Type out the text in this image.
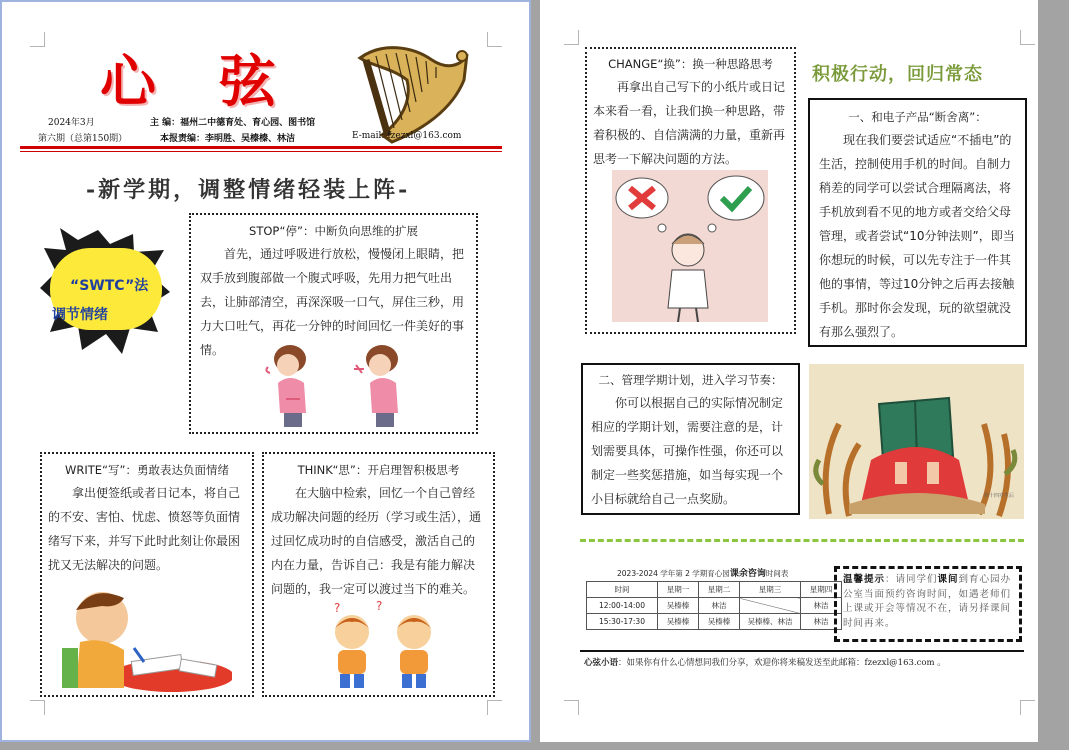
心 弦
2024年3月	主 编：福州二中德育处、育心园、图书馆
第六期（总第150期）	本报责编：李明胜、吴榛榛、林洁	E-mail: fzezxl@163.com
-新学期，调整情绪轻装上阵-
“SWTC”法
调节情绪
STOP“停”：中断负向思维的扩展

首先，通过呼吸进行放松，慢慢闭上眼睛，把双手放到腹部做一个腹式呼吸，先用力把气吐出去，让肺部清空，再深深吸一口气，屏住三秒，用力大口吐气，再花一分钟的时间回忆一件美好的事情。

WRITE“写”：勇敢表达负面情绪

拿出便签纸或者日记本，将自己的不安、害怕、忧虑、愤怒等负面情绪写下来，并写下此时此刻让你最困扰又无法解决的问题。

THINK“思”：开启理智积极思考

在大脑中检索，回忆一个自己曾经成功解决问题的经历（学习或生活），通过回忆成功时的自信感受，激活自己的内在力量，告诉自己：我是有能力解决问题的，我一定可以渡过当下的难关。

?	?
CHANGE“换”：换一种思路思考

再拿出自己写下的小纸片或日记本来看一看，让我们换一种思路，带着积极的、自信满满的力量，重新再思考一下解决问题的方法。

积极行动，回归常态
一、和电子产品“断舍离”：

现在我们要尝试适应“不插电”的生活，控制使用手机的时间。自制力稍差的同学可以尝试合理隔离法，将手机放到看不见的地方或者交给父母管理，或者尝试“10分钟法则”，即当你想玩的时候，可以先专注于一件其他的事情，等过10分钟之后再去接触手机。那时你会发现，玩的欲望就没有那么强烈了。

二、管理学期计划，进入学习节奏：

你可以根据自己的实际情况制定相应的学期计划，需要注意的是，计划需要具体，可操作性强，你还可以制定一些奖惩措施，如当每实现一个小目标就给自己一点奖励。	你十四岁生后
2023-2024 学年第 2 学期育心园课余咨询时间表
时间	星期一	星期二	星期三	星期四
12:00-14:00	吴榛榛	林洁		林洁
15:30-17:30	吴榛榛	吴榛榛	吴榛榛、林洁	林洁
温馨提示：请同学们课间到育心园办公室当面预约咨询时间，如遇老师们上课或开会等情况不在，请另择课间时间再来。
心弦小语：如果你有什么心情想同我们分享，欢迎你将来稿发送至此邮箱：fzezxl@163.com 。
